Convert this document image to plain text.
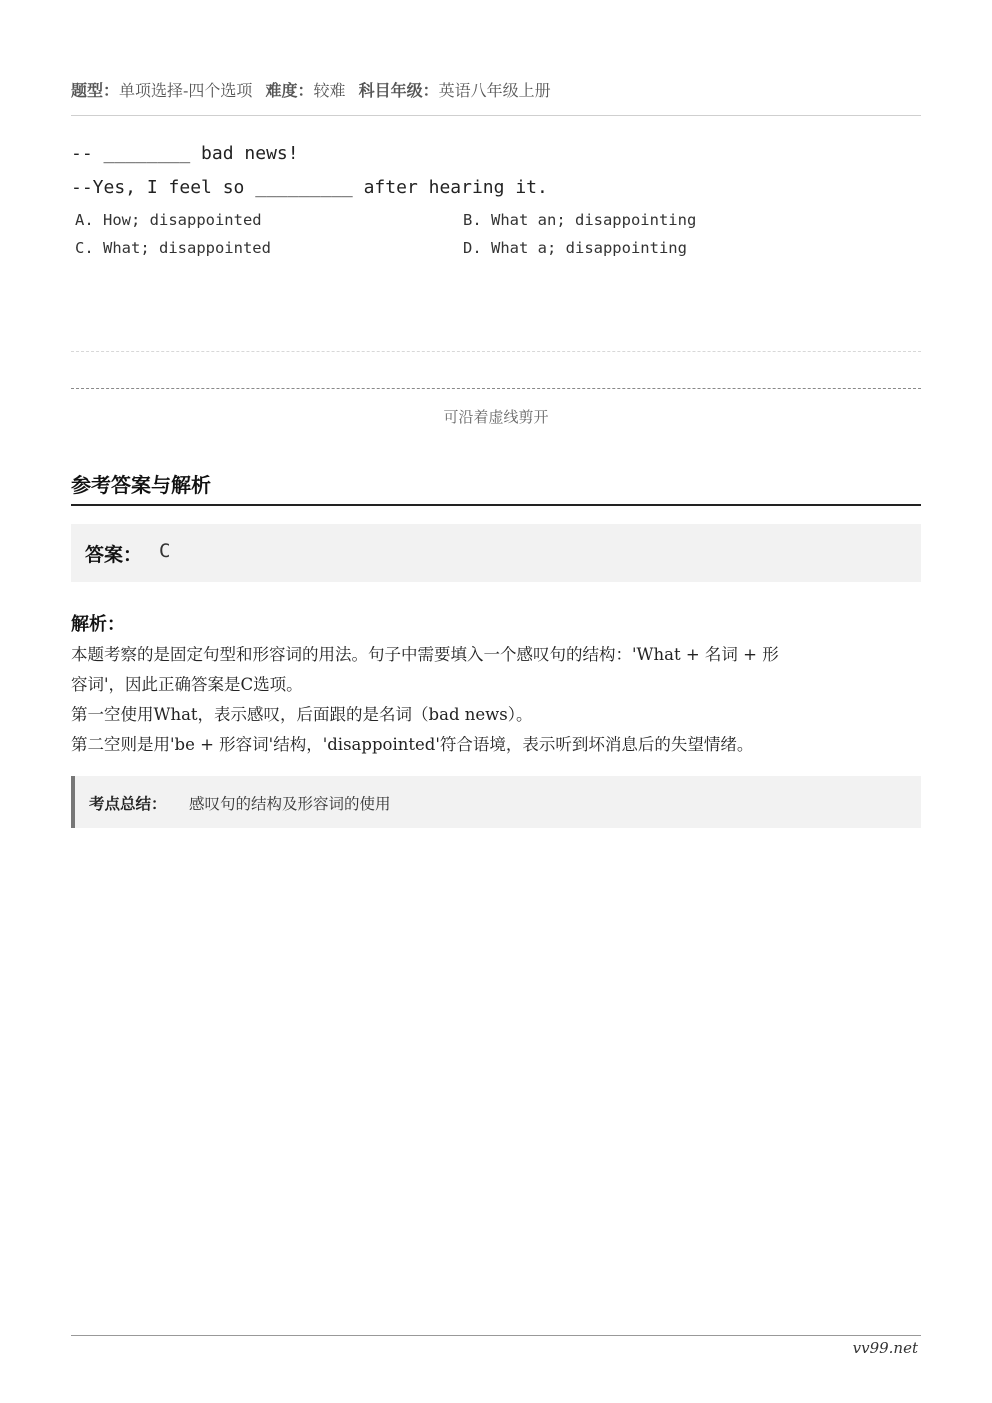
题型：单项选择-四个选项 难度：较难 科目年级：英语八年级上册
-- ________ bad news!
--Yes, I feel so _________ after hearing it.
A. How; disappointed	B. What an; disappointing
C. What; disappointed	D. What a; disappointing
可沿着虚线剪开
参考答案与解析
答案： C
解析：
本题考察的是固定句型和形容词的用法。句子中需要填入一个感叹句的结构：'What + 名词 + 形
容词'，因此正确答案是C选项。
第一空使用What，表示感叹，后面跟的是名词（bad news）。
第二空则是用'be + 形容词'结构，'disappointed'符合语境，表示听到坏消息后的失望情绪。
考点总结： 感叹句的结构及形容词的使用
vv99.net
